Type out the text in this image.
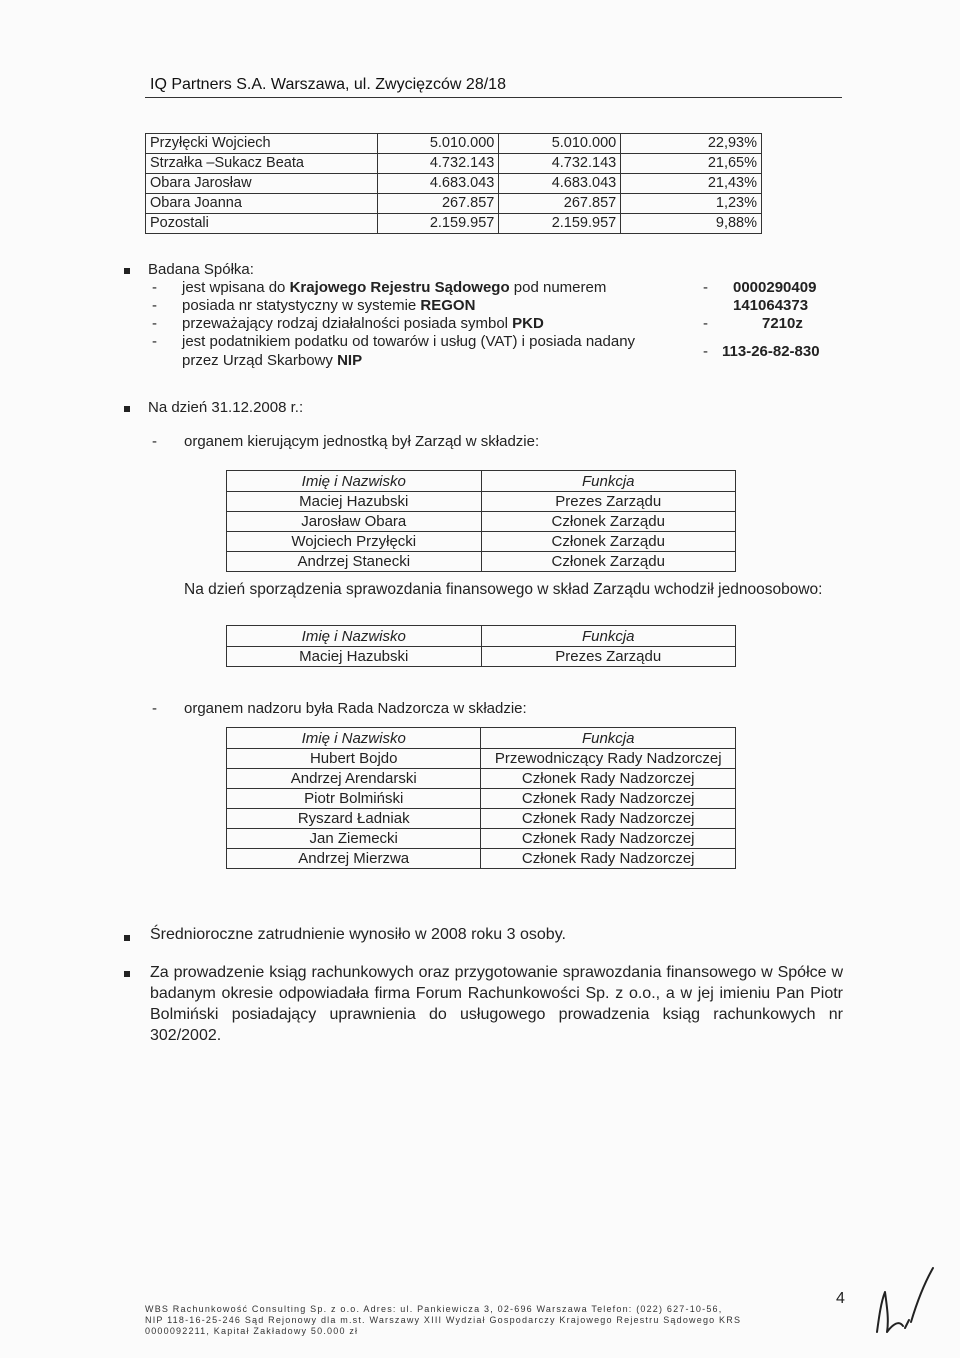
IQ Partners S.A. Warszawa, ul. Zwycięzców 28/18
Przyłęcki Wojciech	5.010.000	5.010.000	22,93%
Strzałka –Sukacz Beata	4.732.143	4.732.143	21,65%
Obara Jarosław	4.683.043	4.683.043	21,43%
Obara Joanna	267.857	267.857	1,23%
Pozostali	2.159.957	2.159.957	9,88%
Badana Spółka:
- jest wpisana do Krajowego Rejestru Sądowego pod numerem	- 0000290409
- posiada nr statystyczny w systemie REGON	141064373
- przeważający rodzaj działalności posiada symbol PKD	-	7210z
- jest podatnikiem podatku od towarów i usług (VAT) i posiada nadany
przez Urząd Skarbowy NIP
- 113-26-82-830
Na dzień 31.12.2008 r.:
- organem kierującym jednostką był Zarząd w składzie:
Imię i Nazwisko	Funkcja
Maciej Hazubski	Prezes Zarządu
Jarosław Obara	Członek Zarządu
Wojciech Przyłęcki	Członek Zarządu
Andrzej Stanecki	Członek Zarządu
Na dzień sporządzenia sprawozdania finansowego w skład Zarządu wchodził jednoosobowo:
Imię i Nazwisko	Funkcja
Maciej Hazubski	Prezes Zarządu
- organem nadzoru była Rada Nadzorcza w składzie:
Imię i Nazwisko	Funkcja
Hubert Bojdo	Przewodniczący Rady Nadzorczej
Andrzej Arendarski	Członek Rady Nadzorczej
Piotr Bolmiński	Członek Rady Nadzorczej
Ryszard Ładniak	Członek Rady Nadzorczej
Jan Ziemecki	Członek Rady Nadzorczej
Andrzej Mierzwa	Członek Rady Nadzorczej
Średnioroczne zatrudnienie wynosiło w 2008 roku 3 osoby.
Za prowadzenie ksiąg rachunkowych oraz przygotowanie sprawozdania finansowego w Spółce w badanym okresie odpowiadała firma Forum Rachunkowości Sp. z o.o., a w jej imieniu Pan Piotr Bolmiński posiadający uprawnienia do usługowego prowadzenia ksiąg rachunkowych nr 302/2002.
WBS Rachunkowość Consulting Sp. z o.o. Adres: ul. Pankiewicza 3, 02-696 Warszawa Telefon: (022) 627-10-56,
NIP 118-16-25-246 Sąd Rejonowy dla m.st. Warszawy XIII Wydział Gospodarczy Krajowego Rejestru Sądowego KRS
0000092211, Kapitał Zakładowy 50.000 zł
4
